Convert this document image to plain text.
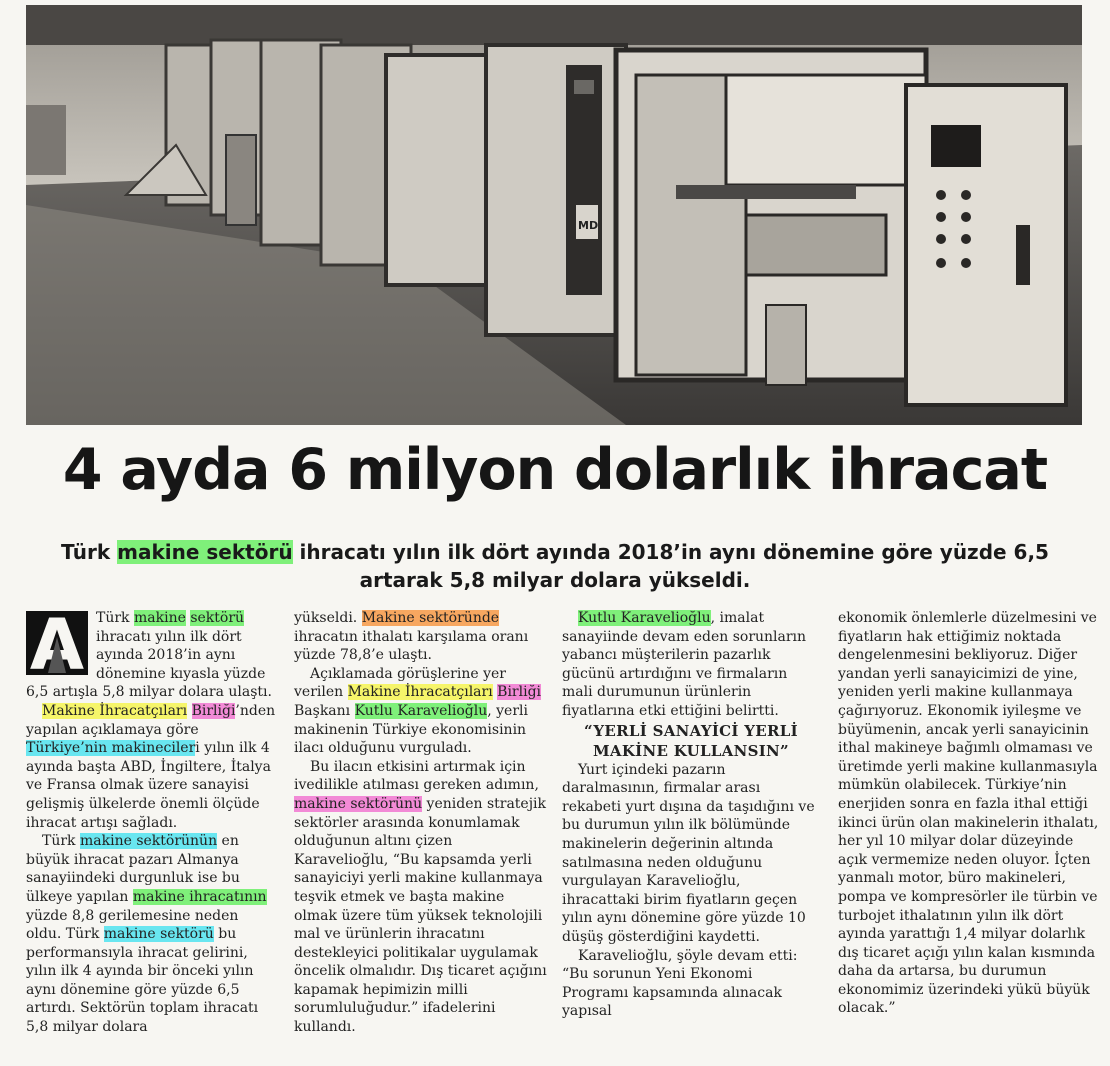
MD
4 ayda 6 milyon dolarlık ihracat
Türk makine sektörü ihracatı yılın ilk dört ayında 2018’in aynı dönemine göre yüzde 6,5 artarak 5,8 milyar dolara yükseldi.
A Türk makine sektörü ihracatı yılın ilk dört ayında 2018’in aynı dönemine kıyasla yüzde 6,5 artışla 5,8 milyar dolara ulaştı.

Makine İhracatçıları Birliği’nden yapılan açıklamaya göre Türkiye’nin makinecileri yılın ilk 4 ayında başta ABD, İngiltere, İtalya ve Fransa olmak üzere sanayisi gelişmiş ülkelerde önemli ölçüde ihracat artışı sağladı.

Türk makine sektörünün en büyük ihracat pazarı Almanya sanayiindeki durgunluk ise bu ülkeye yapılan makine ihracatının yüzde 8,8 gerilemesine neden oldu. Türk makine sektörü bu performansıyla ihracat gelirini, yılın ilk 4 ayında bir önceki yılın aynı dönemine göre yüzde 6,5 artırdı. Sektörün toplam ihracatı 5,8 milyar dolara

yükseldi. Makine sektöründe ihracatın ithalatı karşılama oranı yüzde 78,8’e ulaştı.

Açıklamada görüşlerine yer verilen Makine İhracatçıları Birliği Başkanı Kutlu Karavelioğlu, yerli makinenin Türkiye ekonomisinin ilacı olduğunu vurguladı.

Bu ilacın etkisini artırmak için ivedilikle atılması gereken adımın, makine sektörünü yeniden stratejik sektörler arasında konumlamak olduğunun altını çizen Karavelioğlu, “Bu kapsamda yerli sanayiciyi yerli makine kullanmaya teşvik etmek ve başta makine olmak üzere tüm yüksek teknolojili mal ve ürünlerin ihracatını destekleyici politikalar uygulamak öncelik olmalıdır. Dış ticaret açığını kapamak hepimizin milli sorumluluğudur.” ifadelerini kullandı.

Kutlu Karavelioğlu, imalat sanayiinde devam eden sorunların yabancı müşterilerin pazarlık gücünü artırdığını ve firmaların mali durumunun ürünlerin fiyatlarına etki ettiğini belirtti.

“YERLİ SANAYİCİ YERLİ MAKİNE KULLANSIN”

Yurt içindeki pazarın daralmasının, firmalar arası rekabeti yurt dışına da taşıdığını ve bu durumun yılın ilk bölümünde makinelerin değerinin altında satılmasına neden olduğunu vurgulayan Karavelioğlu, ihracattaki birim fiyatların geçen yılın aynı dönemine göre yüzde 10 düşüş gösterdiğini kaydetti.

Karavelioğlu, şöyle devam etti: “Bu sorunun Yeni Ekonomi Programı kapsamında alınacak yapısal

ekonomik önlemlerle düzelmesini ve fiyatların hak ettiğimiz noktada dengelenmesini bekliyoruz. Diğer yandan yerli sanayicimizi de yine, yeniden yerli makine kullanmaya çağırıyoruz. Ekonomik iyileşme ve büyümenin, ancak yerli sanayicinin ithal makineye bağımlı olmaması ve üretimde yerli makine kullanmasıyla mümkün olabilecek. Türkiye’nin enerjiden sonra en fazla ithal ettiği ikinci ürün olan makinelerin ithalatı, her yıl 10 milyar dolar düzeyinde açık vermemize neden oluyor. İçten yanmalı motor, büro makineleri, pompa ve kompresörler ile türbin ve turbojet ithalatının yılın ilk dört ayında yarattığı 1,4 milyar dolarlık dış ticaret açığı yılın kalan kısmında daha da artarsa, bu durumun ekonomimiz üzerindeki yükü büyük olacak.”
